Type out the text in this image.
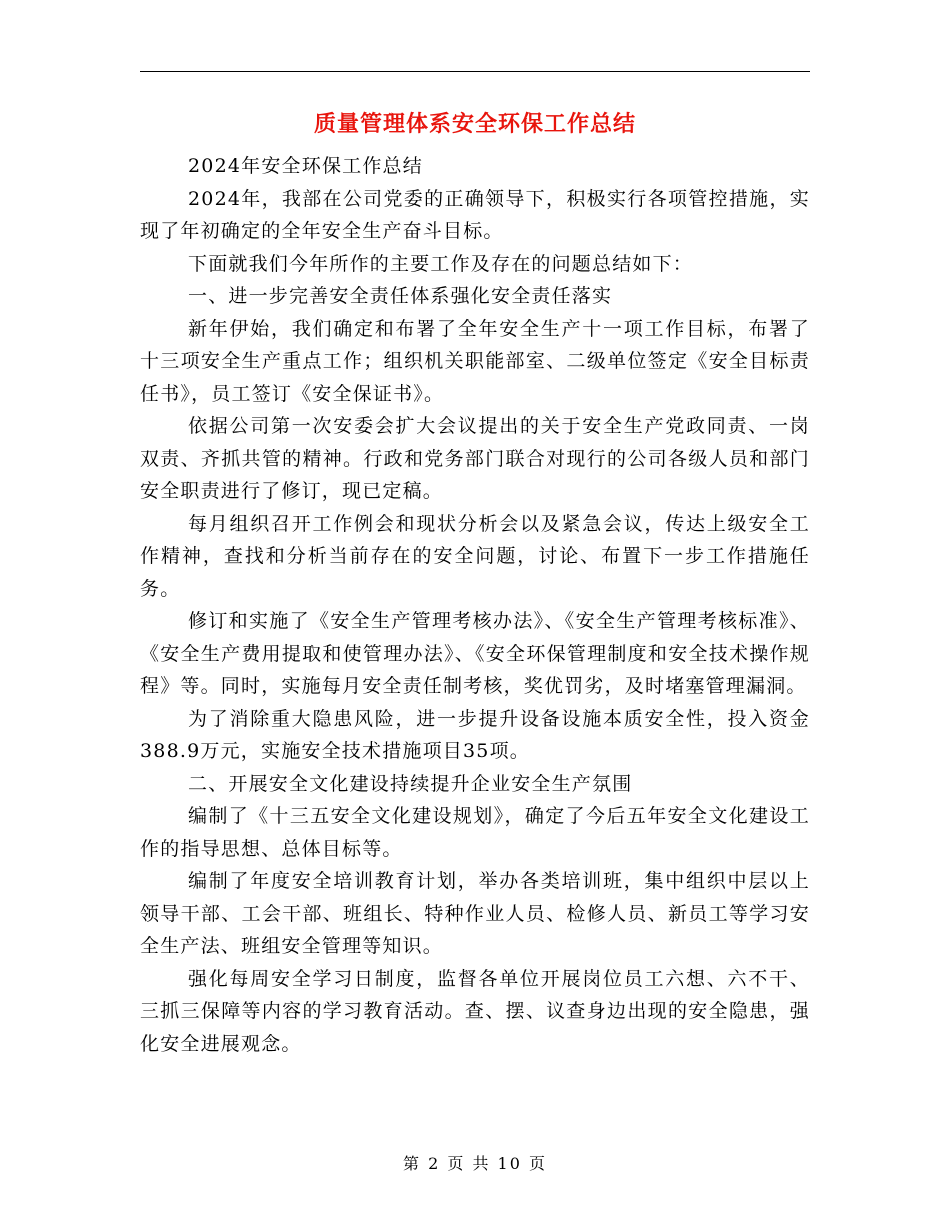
质量管理体系安全环保工作总结

2024年安全环保工作总结

2024年，我部在公司党委的正确领导下，积极实行各项管控措施，实现了年初确定的全年安全生产奋斗目标。

下面就我们今年所作的主要工作及存在的问题总结如下：

一、进一步完善安全责任体系强化安全责任落实

新年伊始，我们确定和布署了全年安全生产十一项工作目标，布署了十三项安全生产重点工作；组织机关职能部室、二级单位签定《安全目标责任书》，员工签订《安全保证书》。

依据公司第一次安委会扩大会议提出的关于安全生产党政同责、一岗双责、齐抓共管的精神。行政和党务部门联合对现行的公司各级人员和部门安全职责进行了修订，现已定稿。

每月组织召开工作例会和现状分析会以及紧急会议，传达上级安全工作精神，查找和分析当前存在的安全问题，讨论、布置下一步工作措施任务。

修订和实施了《安全生产管理考核办法》、《安全生产管理考核标准》、《安全生产费用提取和使管理办法》、《安全环保管理制度和安全技术操作规程》等。同时，实施每月安全责任制考核，奖优罚劣，及时堵塞管理漏洞。

为了消除重大隐患风险，进一步提升设备设施本质安全性，投入资金388.9万元，实施安全技术措施项目35项。

二、开展安全文化建设持续提升企业安全生产氛围

编制了《十三五安全文化建设规划》，确定了今后五年安全文化建设工作的指导思想、总体目标等。

编制了年度安全培训教育计划，举办各类培训班，集中组织中层以上领导干部、工会干部、班组长、特种作业人员、检修人员、新员工等学习安全生产法、班组安全管理等知识。

强化每周安全学习日制度，监督各单位开展岗位员工六想、六不干、三抓三保障等内容的学习教育活动。查、摆、议查身边出现的安全隐患，强化安全进展观念。

第 2 页 共 10 页
